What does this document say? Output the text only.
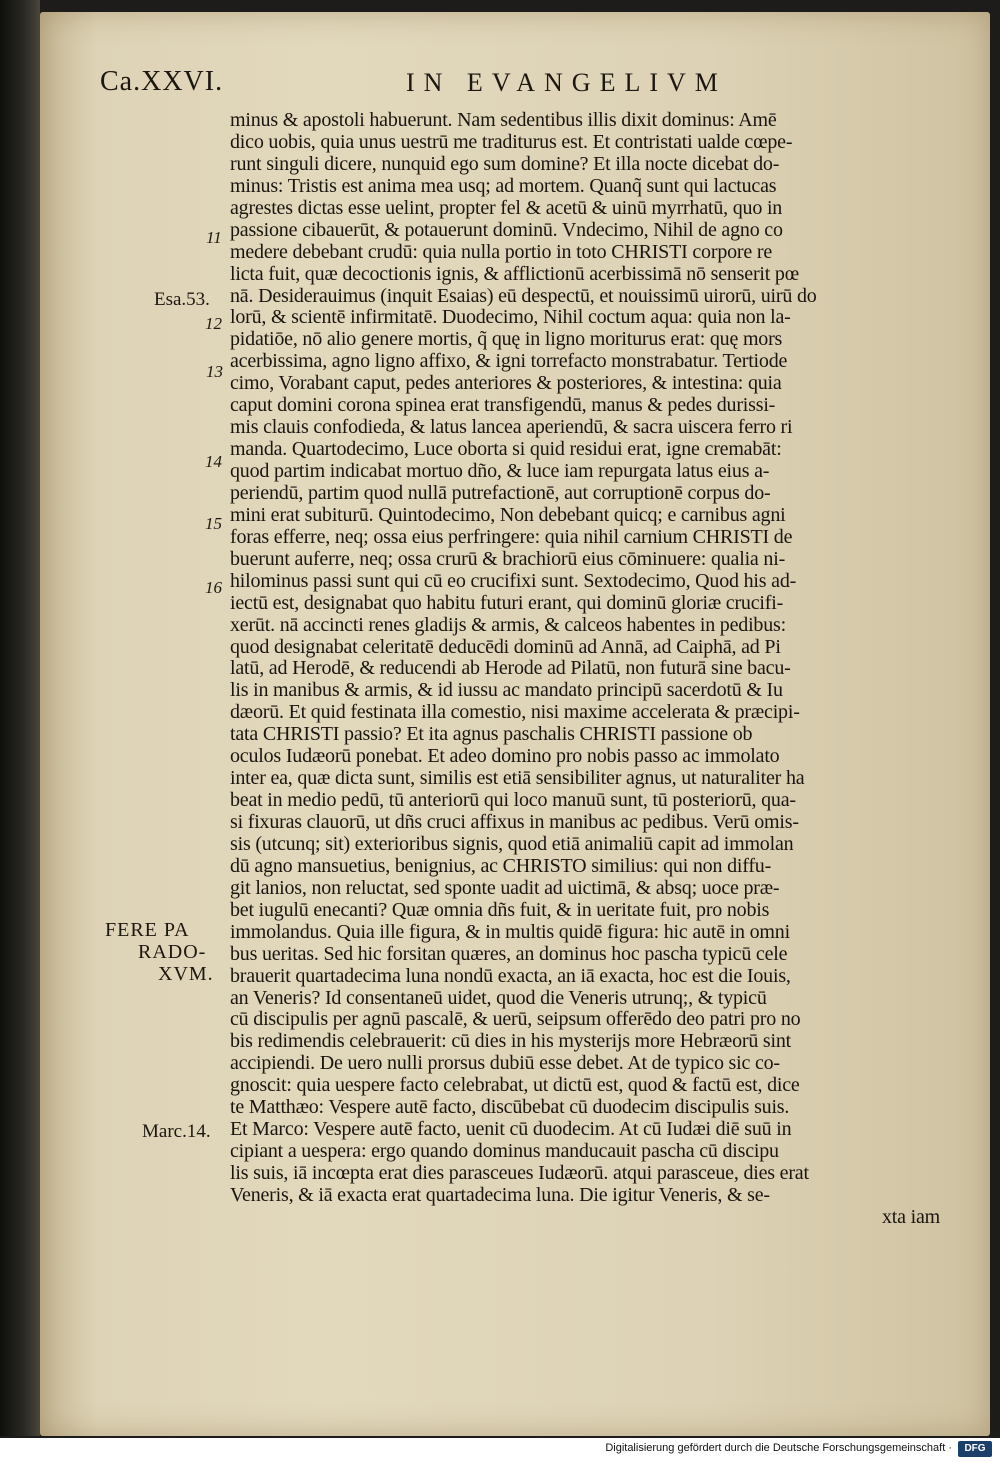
Ca.XXVI.	IN EVANGELIVM
11
Esa.53.
12
13
14
15
16
FERE PA
RADO-
XVM.
Marc.14.
minus & apostoli habuerunt. Nam sedentibus illis dixit dominus: Amē
dico uobis, quia unus uestrū me traditurus est. Et contristati ualde cœpe-
runt singuli dicere, nunquid ego sum domine? Et illa nocte dicebat do-
minus: Tristis est anima mea usq; ad mortem. Quanq̃ sunt qui lactucas
agrestes dictas esse uelint, propter fel & acetū & uinū myrrhatū, quo in
passione cibauerūt, & potauerunt dominū. Vndecimo, Nihil de agno co
medere debebant crudū: quia nulla portio in toto CHRISTI corpore re
licta fuit, quæ decoctionis ignis, & afflictionū acerbissimā nō senserit pœ
nā. Desiderauimus (inquit Esaias) eū despectū, et nouissimū uirorū, uirū do
lorū, & scientē infirmitatē. Duodecimo, Nihil coctum aqua: quia non la-
pidatiōe, nō alio genere mortis, q̃ quę in ligno moriturus erat: quę mors
acerbissima, agno ligno affixo, & igni torrefacto monstrabatur. Tertiode
cimo, Vorabant caput, pedes anteriores & posteriores, & intestina: quia
caput domini corona spinea erat transfigendū, manus & pedes durissi-
mis clauis confodieda, & latus lancea aperiendū, & sacra uiscera ferro ri
manda. Quartodecimo, Luce oborta si quid residui erat, igne cremabāt:
quod partim indicabat mortuo dño, & luce iam repurgata latus eius a-
periendū, partim quod nullā putrefactionē, aut corruptionē corpus do-
mini erat subiturū. Quintodecimo, Non debebant quicq; e carnibus agni
foras efferre, neq; ossa eius perfringere: quia nihil carnium CHRISTI de
buerunt auferre, neq; ossa crurū & brachiorū eius cōminuere: qualia ni-
hilominus passi sunt qui cū eo crucifixi sunt. Sextodecimo, Quod his ad-
iectū est, designabat quo habitu futuri erant, qui dominū gloriæ crucifi-
xerūt. nā accincti renes gladijs & armis, & calceos habentes in pedibus:
quod designabat celeritatē deducēdi dominū ad Annā, ad Caiphā, ad Pi
latū, ad Herodē, & reducendi ab Herode ad Pilatū, non futurā sine bacu-
lis in manibus & armis, & id iussu ac mandato principū sacerdotū & Iu
dæorū. Et quid festinata illa comestio, nisi maxime accelerata & præcipi-
tata CHRISTI passio? Et ita agnus paschalis CHRISTI passione ob
oculos Iudæorū ponebat. Et adeo domino pro nobis passo ac immolato
inter ea, quæ dicta sunt, similis est etiā sensibiliter agnus, ut naturaliter ha
beat in medio pedū, tū anteriorū qui loco manuū sunt, tū posteriorū, qua-
si fixuras clauorū, ut dñs cruci affixus in manibus ac pedibus. Verū omis-
sis (utcunq; sit) exterioribus signis, quod etiā animaliū capit ad immolan
dū agno mansuetius, benignius, ac CHRISTO similius: qui non diffu-
git lanios, non reluctat, sed sponte uadit ad uictimā, & absq; uoce præ-
bet iugulū enecanti? Quæ omnia dñs fuit, & in ueritate fuit, pro nobis
immolandus. Quia ille figura, & in multis quidē figura: hic autē in omni
bus ueritas. Sed hic forsitan quæres, an dominus hoc pascha typicū cele
brauerit quartadecima luna nondū exacta, an iā exacta, hoc est die Iouis,
an Veneris? Id consentaneū uidet, quod die Veneris utrunq;, & typicū
cū discipulis per agnū pascalē, & uerū, seipsum offerēdo deo patri pro no
bis redimendis celebrauerit: cū dies in his mysterijs more Hebræorū sint
accipiendi. De uero nulli prorsus dubiū esse debet. At de typico sic co-
gnoscit: quia uespere facto celebrabat, ut dictū est, quod & factū est, dice
te Matthæo: Vespere autē facto, discūbebat cū duodecim discipulis suis.
Et Marco: Vespere autē facto, uenit cū duodecim. At cū Iudæi diē suū in
cipiant a uespera: ergo quando dominus manducauit pascha cū discipu
lis suis, iā incœpta erat dies parasceues Iudæorū. atqui parasceue, dies erat
Veneris, & iā exacta erat quartadecima luna. Die igitur Veneris, & se-
xta iam
Digitalisierung gefördert durch die Deutsche Forschungsgemeinschaft ·	DFG
